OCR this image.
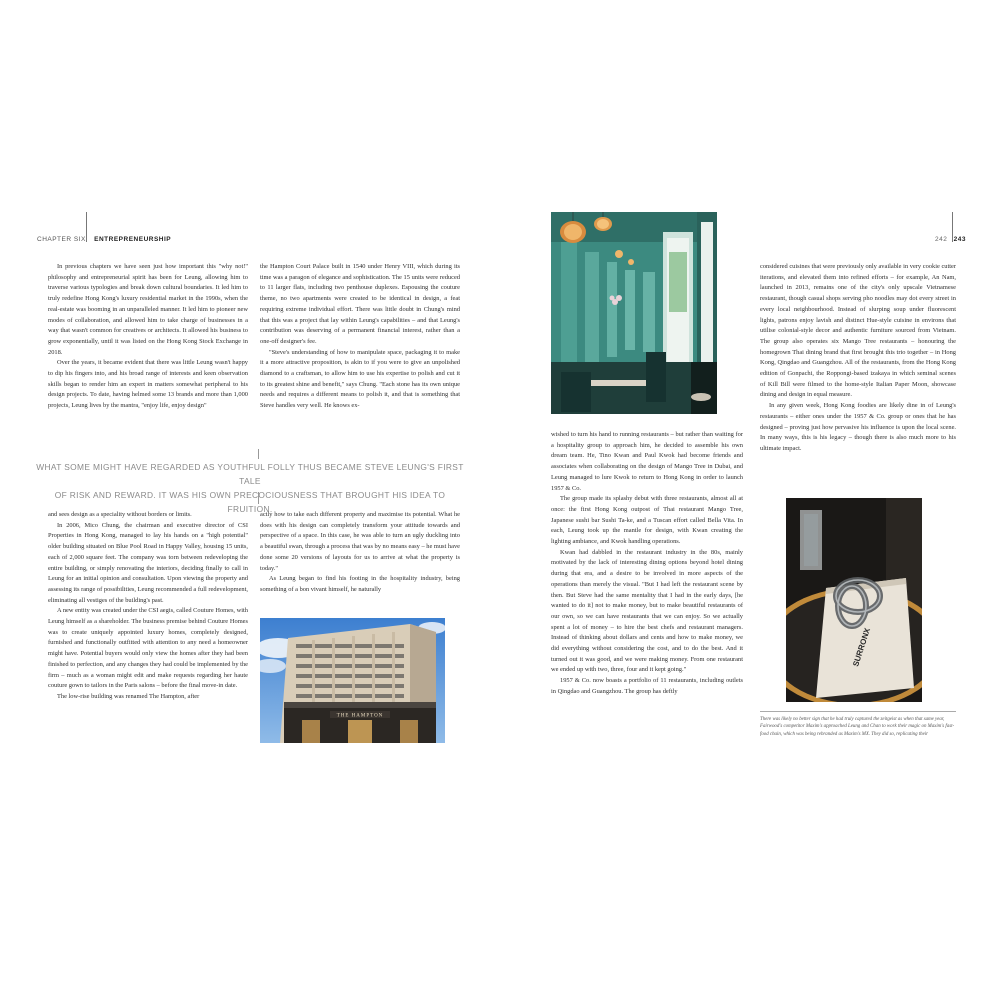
CHAPTER SIX ENTREPRENEURSHIP	242 243

In previous chapters we have seen just how important this "why not!" philosophy and entrepreneurial spirit has been for Leung, allowing him to traverse various typologies and break down cultural boundaries. It led him to truly redefine Hong Kong's luxury residential market in the 1990s, when the real-estate was booming in an unparalleled manner. It led him to pioneer new modes of collaboration, and allowed him to take charge of businesses in a way that wasn't common for creatives or architects. It allowed his business to grow exponentially, until it was listed on the Hong Kong Stock Exchange in 2018.

Over the years, it became evident that there was little Leung wasn't happy to dip his fingers into, and his broad range of interests and keen observation skills began to render him an expert in matters somewhat peripheral to his design projects. To date, having helmed some 13 brands and more than 1,000 projects, Leung lives by the mantra, "enjoy life, enjoy design"

the Hampton Court Palace built in 1540 under Henry VIII, which during its time was a paragon of elegance and sophistication. The 15 units were reduced to 11 larger flats, including two penthouse duplexes. Espousing the couture theme, no two apartments were created to be identical in design, a feat requiring extreme individual effort. There was little doubt in Chung's mind that this was a project that lay within Leung's capabilities – and that Leung's contribution was deserving of a permanent financial interest, rather than a one-off designer's fee.

"Steve's understanding of how to manipulate space, packaging it to make it a more attractive proposition, is akin to if you were to give an unpolished diamond to a craftsman, to allow him to use his expertise to polish and cut it to its greatest shine and benefit," says Chung. "Each stone has its own unique needs and requires a different means to polish it, and that is something that Steve handles very well. He knows ex-

WHAT SOME MIGHT HAVE REGARDED AS YOUTHFUL FOLLY THUS BECAME STEVE LEUNG'S FIRST TALE
OF RISK AND REWARD. IT WAS HIS OWN PRECOCIOUSNESS THAT BROUGHT HIS IDEA TO FRUITION.

and sees design as a speciality without borders or limits.

In 2006, Mico Chung, the chairman and executive director of CSI Properties in Hong Kong, managed to lay his hands on a "high potential" older building situated on Blue Pool Road in Happy Valley, housing 15 units, each of 2,000 square feet. The company was torn between redeveloping the entire building, or simply renovating the interiors, deciding finally to call in Leung for an initial opinion and consultation. Upon viewing the property and assessing its range of possibilities, Leung recommended a full redevelopment, eliminating all vestiges of the building's past.

A new entity was created under the CSI aegis, called Couture Homes, with Leung himself as a shareholder. The business premise behind Couture Homes was to create uniquely appointed luxury homes, completely designed, furnished and functionally outfitted with attention to any need a homeowner might have. Potential buyers would only view the homes after they had been finished to perfection, and any changes they had could be implemented by the firm – much as a woman might edit and make requests regarding her haute couture gown to tailors in the Paris salons – before the final move-in date.

The low-rise building was renamed The Hampton, after

actly how to take each different property and maximise its potential. What he does with his design can completely transform your attitude towards and perspective of a space. In this case, he was able to turn an ugly duckling into a beautiful swan, through a process that was by no means easy – he must have done some 20 versions of layouts for us to arrive at what the property is today."

As Leung began to find his footing in the hospitality industry, being something of a bon vivant himself, he naturally

THE HAMPTON

wished to turn his hand to running restaurants – but rather than waiting for a hospitality group to approach him, he decided to assemble his own dream team. He, Tino Kwan and Paul Kwok had become friends and associates when collaborating on the design of Mango Tree in Dubai, and Leung managed to lure Kwok to return to Hong Kong in order to launch 1957 & Co.

The group made its splashy debut with three restaurants, almost all at once: the first Hong Kong outpost of Thai restaurant Mango Tree, Japanese sushi bar Sushi Ta-ke, and a Tuscan effort called Bella Vita. In each, Leung took up the mantle for design, with Kwan creating the lighting ambiance, and Kwok handling operations.

Kwan had dabbled in the restaurant industry in the 80s, mainly motivated by the lack of interesting dining options beyond hotel dining during that era, and a desire to be involved in more aspects of the operations than merely the visual. "But I had left the restaurant scene by then. But Steve had the same mentality that I had in the early days, [he wanted to do it] not to make money, but to make beautiful restaurants of our own, so we can have restaurants that we can enjoy. So we actually spent a lot of money – to hire the best chefs and restaurant managers. Instead of thinking about dollars and cents and how to make money, we did everything without considering the cost, and to do the best. And it turned out it was good, and we were making money. From one restaurant we ended up with two, three, four and it kept going."

1957 & Co. now boasts a portfolio of 11 restaurants, including outlets in Qingdao and Guangzhou. The group has deftly

considered cuisines that were previously only available in very cookie cutter iterations, and elevated them into refined efforts – for example, An Nam, launched in 2013, remains one of the city's only upscale Vietnamese restaurant, though casual shops serving pho noodles may dot every street in every local neighbourhood. Instead of slurping soup under fluorescent lights, patrons enjoy lavish and distinct Hue-style cuisine in environs that utilise colonial-style decor and authentic furniture sourced from Vietnam. The group also operates six Mango Tree restaurants – honouring the homegrown Thai dining brand that first brought this trio together – in Hong Kong, Qingdao and Guangzhou. All of the restaurants, from the Hong Kong edition of Gonpachi, the Roppongi-based izakaya in which seminal scenes of Kill Bill were filmed to the home-style Italian Paper Moon, showcase dining and design in equal measure.

In any given week, Hong Kong foodies are likely dine in of Leung's restaurants – either ones under the 1957 & Co. group or ones that he has designed – proving just how pervasive his influence is upon the local scene. In many ways, this is his legacy – though there is also much more to his ultimate impact.

SURRONX
There was likely no better sign that he had truly captured the zeitgeist as when that same year, Fairwood's competitor Maxim's approached Leung and Chan to work their magic on Maxim's fast-food chain, which was being rebranded as Maxim's MX. They did so, replicating their
